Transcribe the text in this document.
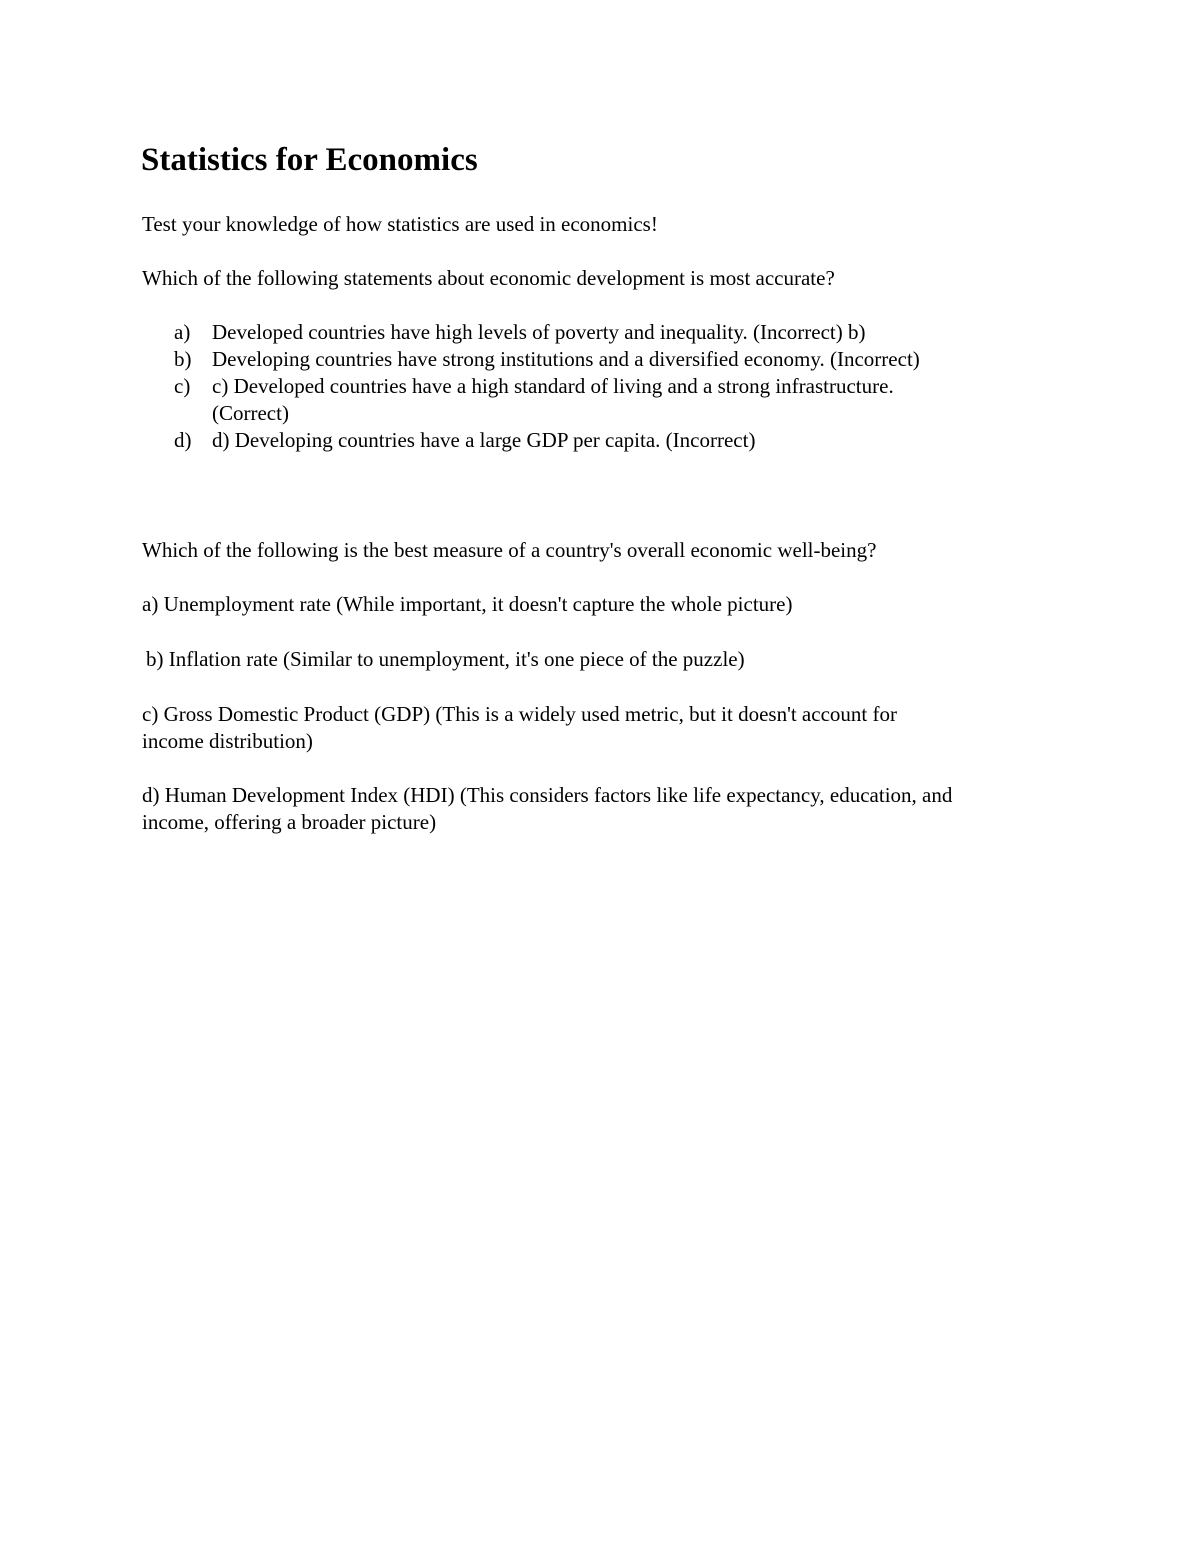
Statistics for Economics

Test your knowledge of how statistics are used in economics!

Which of the following statements about economic development is most accurate?

a) Developed countries have high levels of poverty and inequality. (Incorrect) b)
b) Developing countries have strong institutions and a diversified economy. (Incorrect)
c) c) Developed countries have a high standard of living and a strong infrastructure.
(Correct)
d) d) Developing countries have a large GDP per capita. (Incorrect)

Which of the following is the best measure of a country's overall economic well-being?

a) Unemployment rate (While important, it doesn't capture the whole picture)

b) Inflation rate (Similar to unemployment, it's one piece of the puzzle)

c) Gross Domestic Product (GDP) (This is a widely used metric, but it doesn't account for
income distribution)

d) Human Development Index (HDI) (This considers factors like life expectancy, education, and
income, offering a broader picture)
